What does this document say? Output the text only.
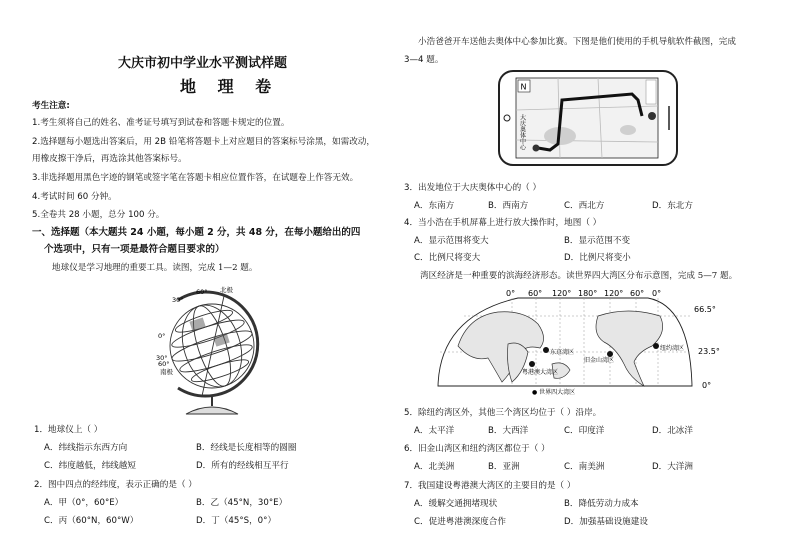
大庆市初中学业水平测试样题
地 理 卷
考生注意:
1.考生须将自己的姓名、准考证号填写到试卷和答题卡规定的位置。
2.选择题每小题选出答案后，用 2B 铅笔将答题卡上对应题目的答案标号涂黑，如需改动，
用橡皮擦干净后，再选涂其他答案标号。
3.非选择题用黑色字迹的钢笔或签字笔在答题卡相应位置作答，在试题卷上作答无效。
4.考试时间 60 分钟。
5.全卷共 28 小题，总分 100 分。
一、选择题（本大题共 24 小题，每小题 2 分，共 48 分，在每小题给出的四
个选项中，只有一项是最符合题目要求的）
地球仪是学习地理的重要工具。读图，完成 1—2 题。
北极
60°
30°
0°
30°
60°
南极
1．地球仪上（ ）
A．纬线指示东西方向	B．经线是长度相等的圆圈
C．纬度越低，纬线越短	D．所有的经线相互平行
2．图中四点的经纬度，表示正确的是（ ）
A．甲（0°，60°E）	B．乙（45°N，30°E）
C．丙（60°N，60°W）	D．丁（45°S，0°）
小浩爸爸开车送他去奥体中心参加比赛。下图是他们使用的手机导航软件截图，完成
3—4 题。
N
大庆奥体中心
3．出发地位于大庆奥体中心的（ ）
A．东南方	B．西南方	C．西北方	D．东北方
4．当小浩在手机屏幕上进行放大操作时，地图（ ）
A．显示范围将变大	B．显示范围不变
C．比例尺将变大	D．比例尺将变小
湾区经济是一种重要的滨海经济形态。读世界四大湾区分布示意图，完成 5—7 题。
0° 60° 120° 180° 120° 60° 0°
66.5°
23.5°
0°
东京湾区
旧金山湾区
纽约湾区
粤港澳大湾区
● 世界四大湾区
5．除纽约湾区外，其他三个湾区均位于（ ）沿岸。
A．太平洋	B．大西洋	C．印度洋	D．北冰洋
6．旧金山湾区和纽约湾区都位于（ ）
A．北美洲	B．亚洲	C．南美洲	D．大洋洲
7．我国建设粤港澳大湾区的主要目的是（ ）
A．缓解交通拥堵现状	B．降低劳动力成本
C．促进粤港澳深度合作	D．加强基础设施建设
